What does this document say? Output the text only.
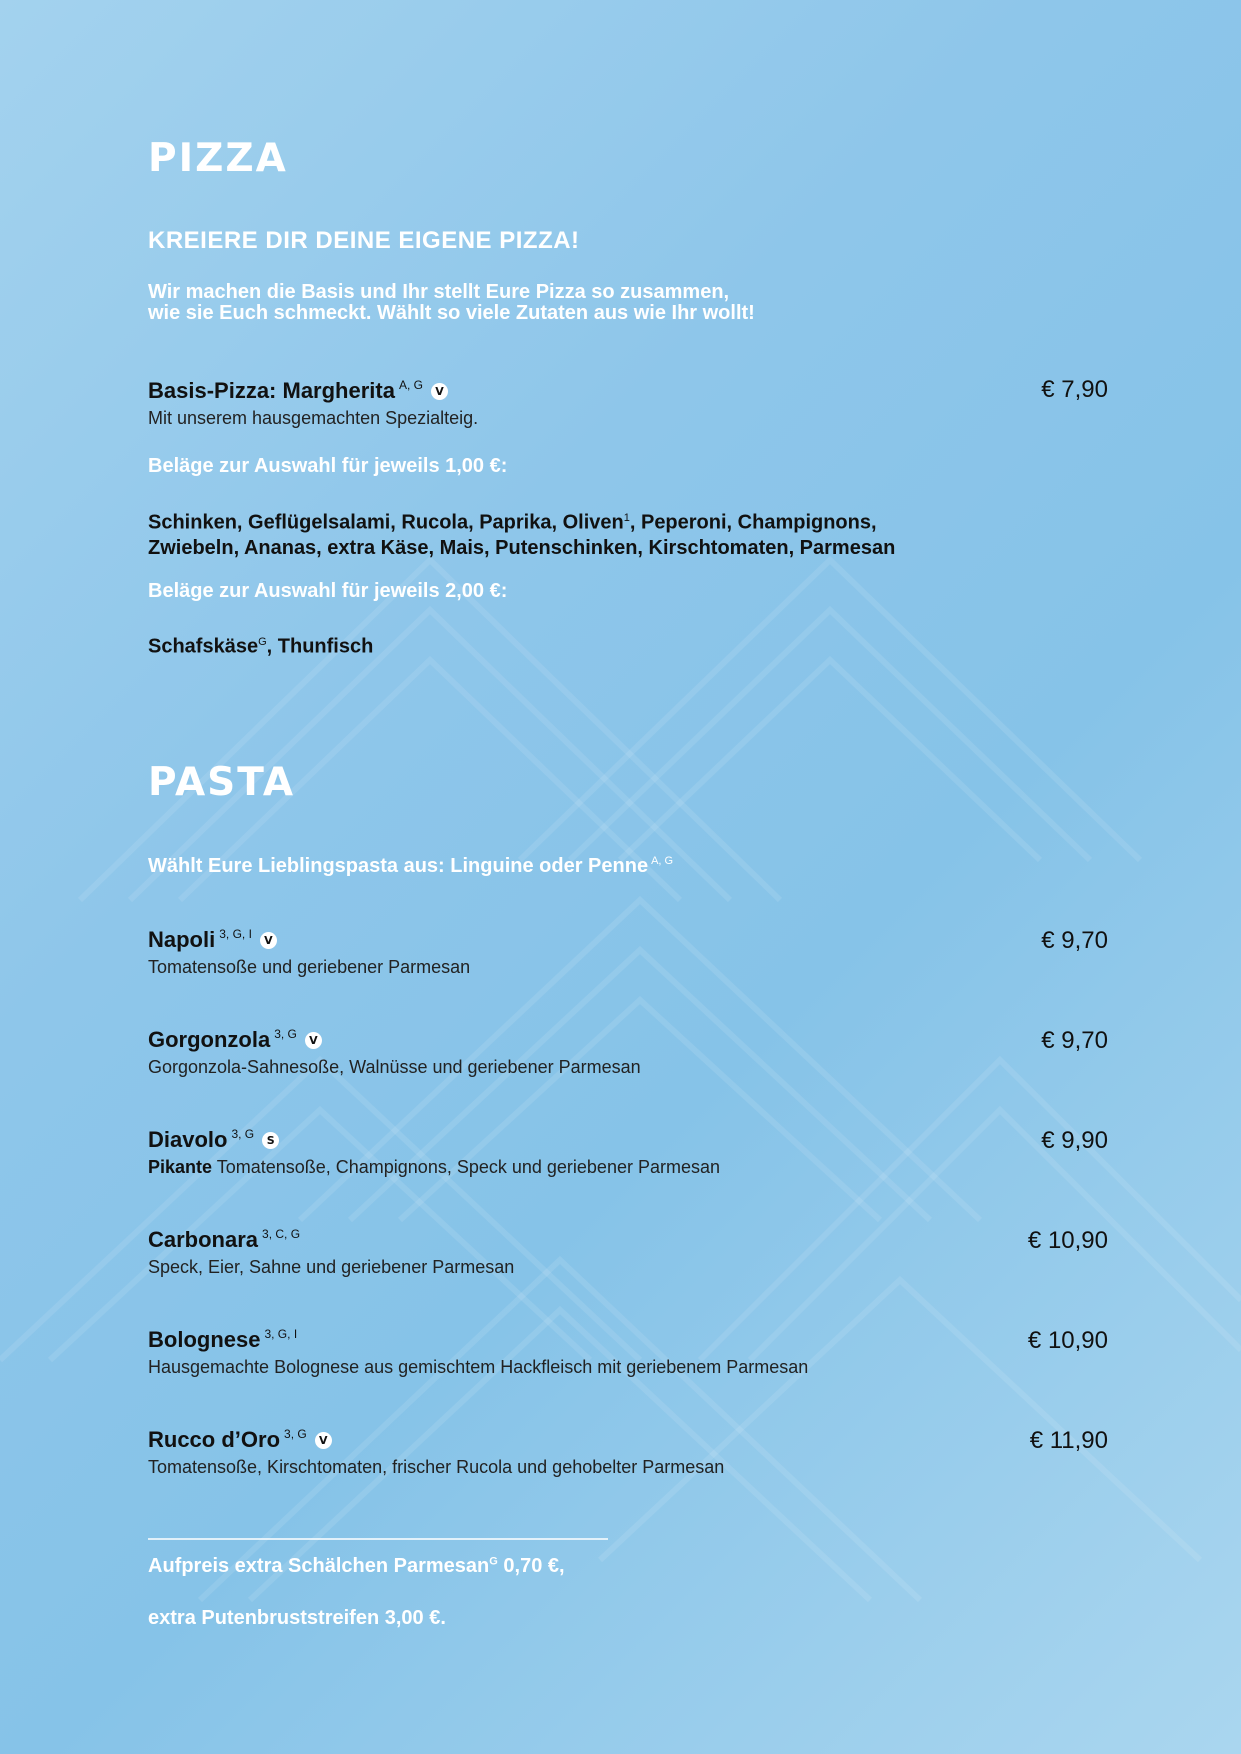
PIZZA
KREIERE DIR DEINE EIGENE PIZZA!
Wir machen die Basis und Ihr stellt Eure Pizza so zusammen,
wie sie Euch schmeckt. Wählt so viele Zutaten aus wie Ihr wollt!
Basis-Pizza: Margherita $^{A, G}$ V
Mit unserem hausgemachten Spezialteig.
€ 7,90
Beläge zur Auswahl für jeweils 1,00 €:
Schinken, Geflügelsalami, Rucola, Paprika, Oliven$^1$, Peperoni, Champignons,
Zwiebeln, Ananas, extra Käse, Mais, Putenschinken, Kirschtomaten, Parmesan
Beläge zur Auswahl für jeweils 2,00 €:
Schafskäse$^G$, Thunfisch
PASTA
Wählt Eure Lieblingspasta aus: Linguine oder Penne $^{A, G}$
Napoli $^{3, G, I}$ V
Tomatensoße und geriebener Parmesan
€ 9,70
Gorgonzola $^{3, G}$ V
Gorgonzola-Sahnesoße, Walnüsse und geriebener Parmesan
€ 9,70
Diavolo $^{3, G}$ S
Pikante Tomatensoße, Champignons, Speck und geriebener Parmesan
€ 9,90
Carbonara $^{3, C, G}$
Speck, Eier, Sahne und geriebener Parmesan
€ 10,90
Bolognese $^{3, G, I}$
Hausgemachte Bolognese aus gemischtem Hackfleisch mit geriebenem Parmesan
€ 10,90
Rucco d’Oro $^{3, G}$ V
Tomatensoße, Kirschtomaten, frischer Rucola und gehobelter Parmesan
€ 11,90
Aufpreis extra Schälchen Parmesan$^G$ 0,70 €,
extra Putenbruststreifen 3,00 €.
